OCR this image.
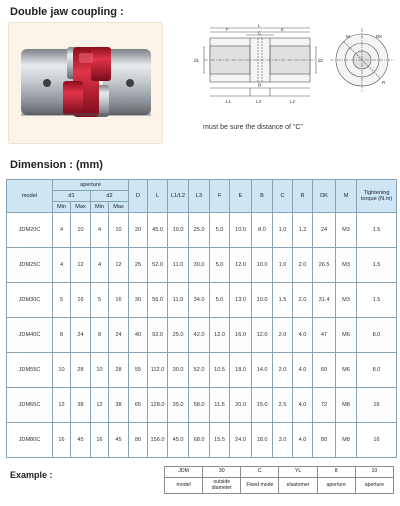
Double jaw coupling :
L
F	E
C
B
d1	d2
L1	L2
L3
DK
M
R
must be sure the distance of "C"
Dimension : (mm)
model	aperture				D	L	L1/L2	L3	F	E	B	C	R	DK	M	Tightening torque (N.m)
	d1		d2													
	Min	Max	Min	Max												
JDM20C	4	10	4	10	20	45.0	10.0	25.0	5.0	10.0	8.0	1.0	1.2	24	M3	1.5
JDM25C	4	12	4	12	25	52.0	11.0	30.0	5.0	12.0	10.0	1.0	2.0	26.5	M3	1.5
JDM30C	5	16	5	16	30	56.0	11.0	34.0	5.0	13.0	10.0	1.5	2.0	31.4	M3	1.5
JDM40C	8	24	8	24	40	92.0	25.0	42.0	12.0	16.0	12.0	2.0	4.0	47	M6	8.0
JDM55C	10	28	10	28	55	112.0	30.0	52.0	10.5	18.0	14.0	2.0	4.0	60	M6	8.0
JDM65C	12	38	12	38	65	128.0	35.0	58.0	11.5	20.0	15.0	2.5	4.0	72	M8	16
JDM80C	16	45	16	45	80	156.0	45.0	68.0	15.5	24.0	18.0	3.0	4.0	80	M8	16
Example :	JDM	30	C	YL	8	10
model	outside diameter	Fixed mode	elastomer	aperture	aperture
